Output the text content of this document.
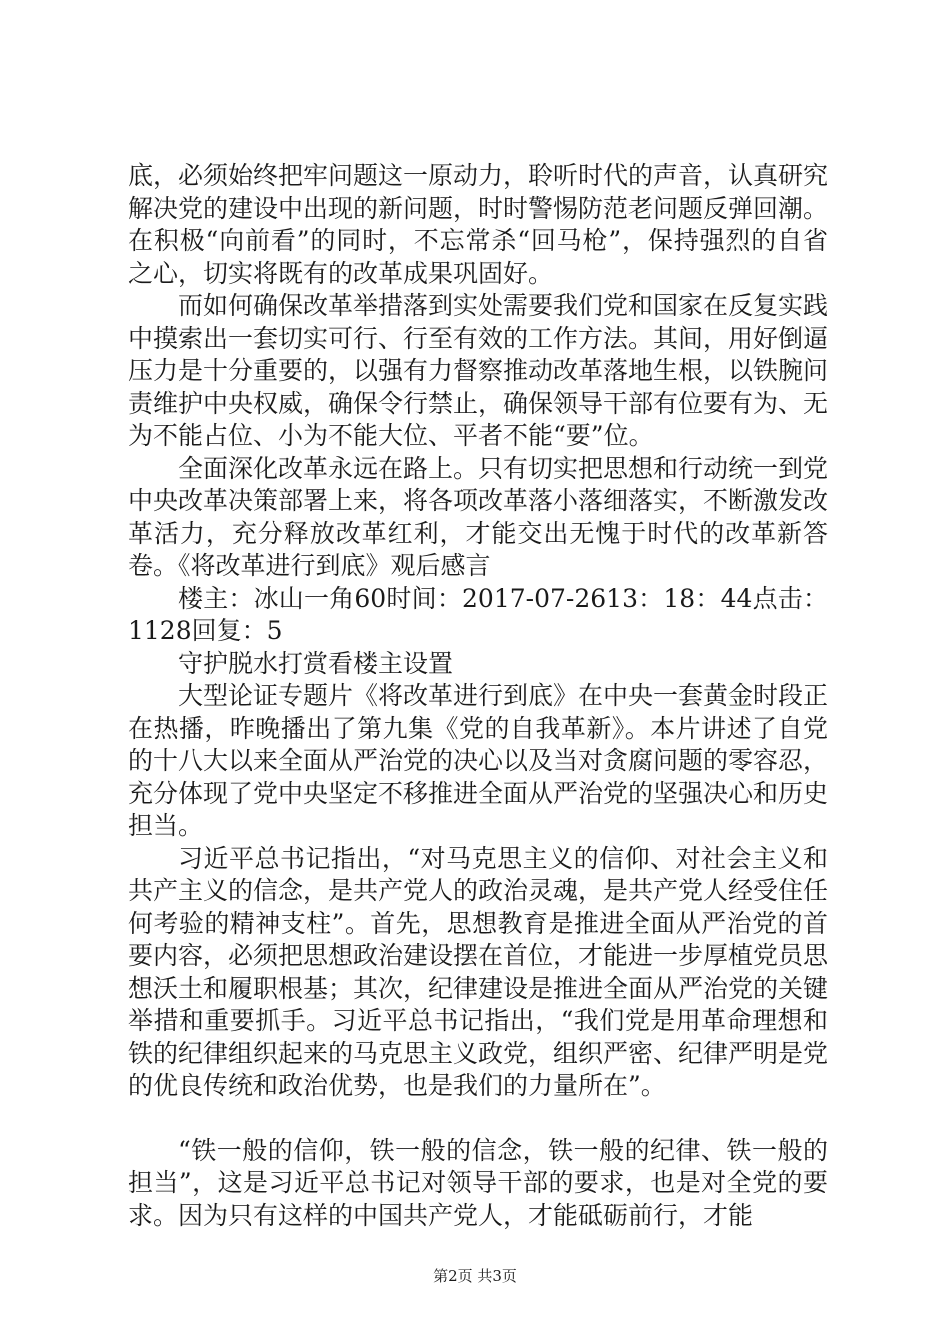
底，必须始终把牢问题这一原动力，聆听时代的声音，认真研究解决党的建设中出现的新问题，时时警惕防范老问题反弹回潮。在积极“向前看”的同时，不忘常杀“回马枪”，保持强烈的自省之心，切实将既有的改革成果巩固好。

而如何确保改革举措落到实处需要我们党和国家在反复实践中摸索出一套切实可行、行至有效的工作方法。其间，用好倒逼压力是十分重要的，以强有力督察推动改革落地生根，以铁腕问责维护中央权威，确保令行禁止，确保领导干部有位要有为、无为不能占位、小为不能大位、平者不能“要”位。

全面深化改革永远在路上。只有切实把思想和行动统一到党中央改革决策部署上来，将各项改革落小落细落实，不断激发改革活力，充分释放改革红利，才能交出无愧于时代的改革新答卷。《将改革进行到底》观后感言

楼主：冰山一角60时间：2017-07-2613：18：44点击：1128回复：5

守护脱水打赏看楼主设置

大型论证专题片《将改革进行到底》在中央一套黄金时段正在热播，昨晚播出了第九集《党的自我革新》。本片讲述了自党的十八大以来全面从严治党的决心以及当对贪腐问题的零容忍，充分体现了党中央坚定不移推进全面从严治党的坚强决心和历史担当。

习近平总书记指出，“对马克思主义的信仰、对社会主义和共产主义的信念，是共产党人的政治灵魂，是共产党人经受住任何考验的精神支柱”。首先，思想教育是推进全面从严治党的首要内容，必须把思想政治建设摆在首位，才能进一步厚植党员思想沃土和履职根基；其次，纪律建设是推进全面从严治党的关键举措和重要抓手。习近平总书记指出，“我们党是用革命理想和铁的纪律组织起来的马克思主义政党，组织严密、纪律严明是党的优良传统和政治优势，也是我们的力量所在”。

“铁一般的信仰，铁一般的信念，铁一般的纪律、铁一般的担当”，这是习近平总书记对领导干部的要求，也是对全党的要求。因为只有这样的中国共产党人，才能砥砺前行，才能

第2页 共3页
